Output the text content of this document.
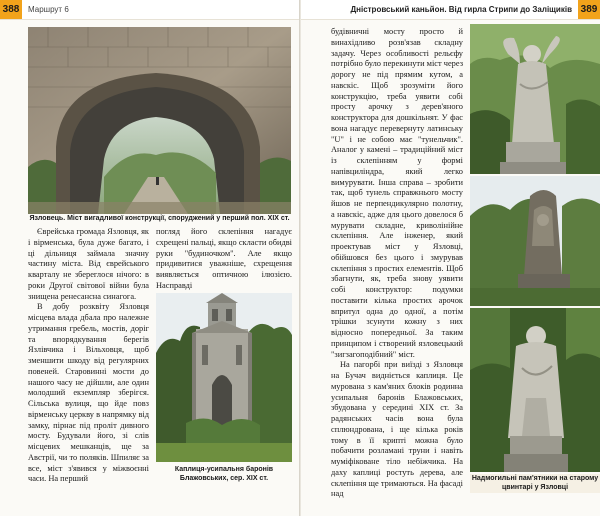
388	Маршрут 6
Язловець. Міст вигадливої конструкції, споруджений у перший пол. XIX ст.

Єврейська громада Язловця, як і вірменська, була дуже багато, і ці дільниця займала значну частину міста. Від єврейського кварталу не збереглося нічого: в роки Другої світової війни була знищена ренесансна синагога.

В добу розквіту Язловця місцева влада дбала про належне утримання гребель, мостів, доріг та впорядкування берегів Язлівчика і Вільховця, щоб зменшити шкоду від регулярних повеней. Старовинні мости до нашого часу не дійшли, але один молодший екземпляр зберігся. Сільська вулиця, що йде повз вірменську церкву в напрямку від замку, пірнає під проліт дивного мосту. Будували його, зі слів місцевих мешканців, ще за Австрії, чи то поляків. Шпиляє за все, міст з'явився у міжвоєнні часи. На перший

погляд його склепіння нагадує схрещені пальці, якщо скласти обидві руки "будиночком". Але якщо придивитися уважніше, схрещення виявляється оптичною ілюзією. Насправді

Каплиця-усипальня баронів Блажовських, сер. XIX ст.
Дністровський каньйон. Від гирла Стрипи до Заліщиків 389

будівничні мосту просто й винахідливо розв'язав складну задачу. Через особливості рельєфу потрібно було перекинути міст через дорогу не під прямим кутом, а навскіс. Щоб зрозуміти його конструкцію, треба уявити собі просту арочку з дерев'яного конструктора для дошкільнят. У фас вона нагадує перевернуту латинську "U" і не собою має "тунельчик". Аналог у камені – традиційний міст із склепінням у формі напівциліндра, який легко вимурувати. Інша справа – зробити так, щоб тунель справжнього мосту йшов не перпендикулярно полотну, а навскіс, адже для цього довелося б мурувати складне, криволінійне склепіння. Але інженер, який проектував міст у Язловці, обійшовся без цього і змурував склепіння з простих елементів. Щоб збагнути, як, треба знову уявити собі конструктор: подумки поставити кілька простих арочок впритул одна до одної, а потім трішки зсунути кожну з них відносно попередньої. За таким принципом і створений язловецький "зигзагоподібний" міст.

На пагорбі при виїзді з Язловця на Бучач видніється каплиця. Це мурована з кам'яних блоків родинна усипальня баронів Блажовських, збудована у середині XIX ст. За радянських часів вона була сплюндрована, і ще кілька років тому в її крипті можна було побачити розламані труни і навіть муміфіковане тіло небіжчика. На даху каплиці ростуть дерева, але склепіння ще тримаються. На фасаді над

Надмогильні пам'ятники на старому цвинтарі у Язловці
